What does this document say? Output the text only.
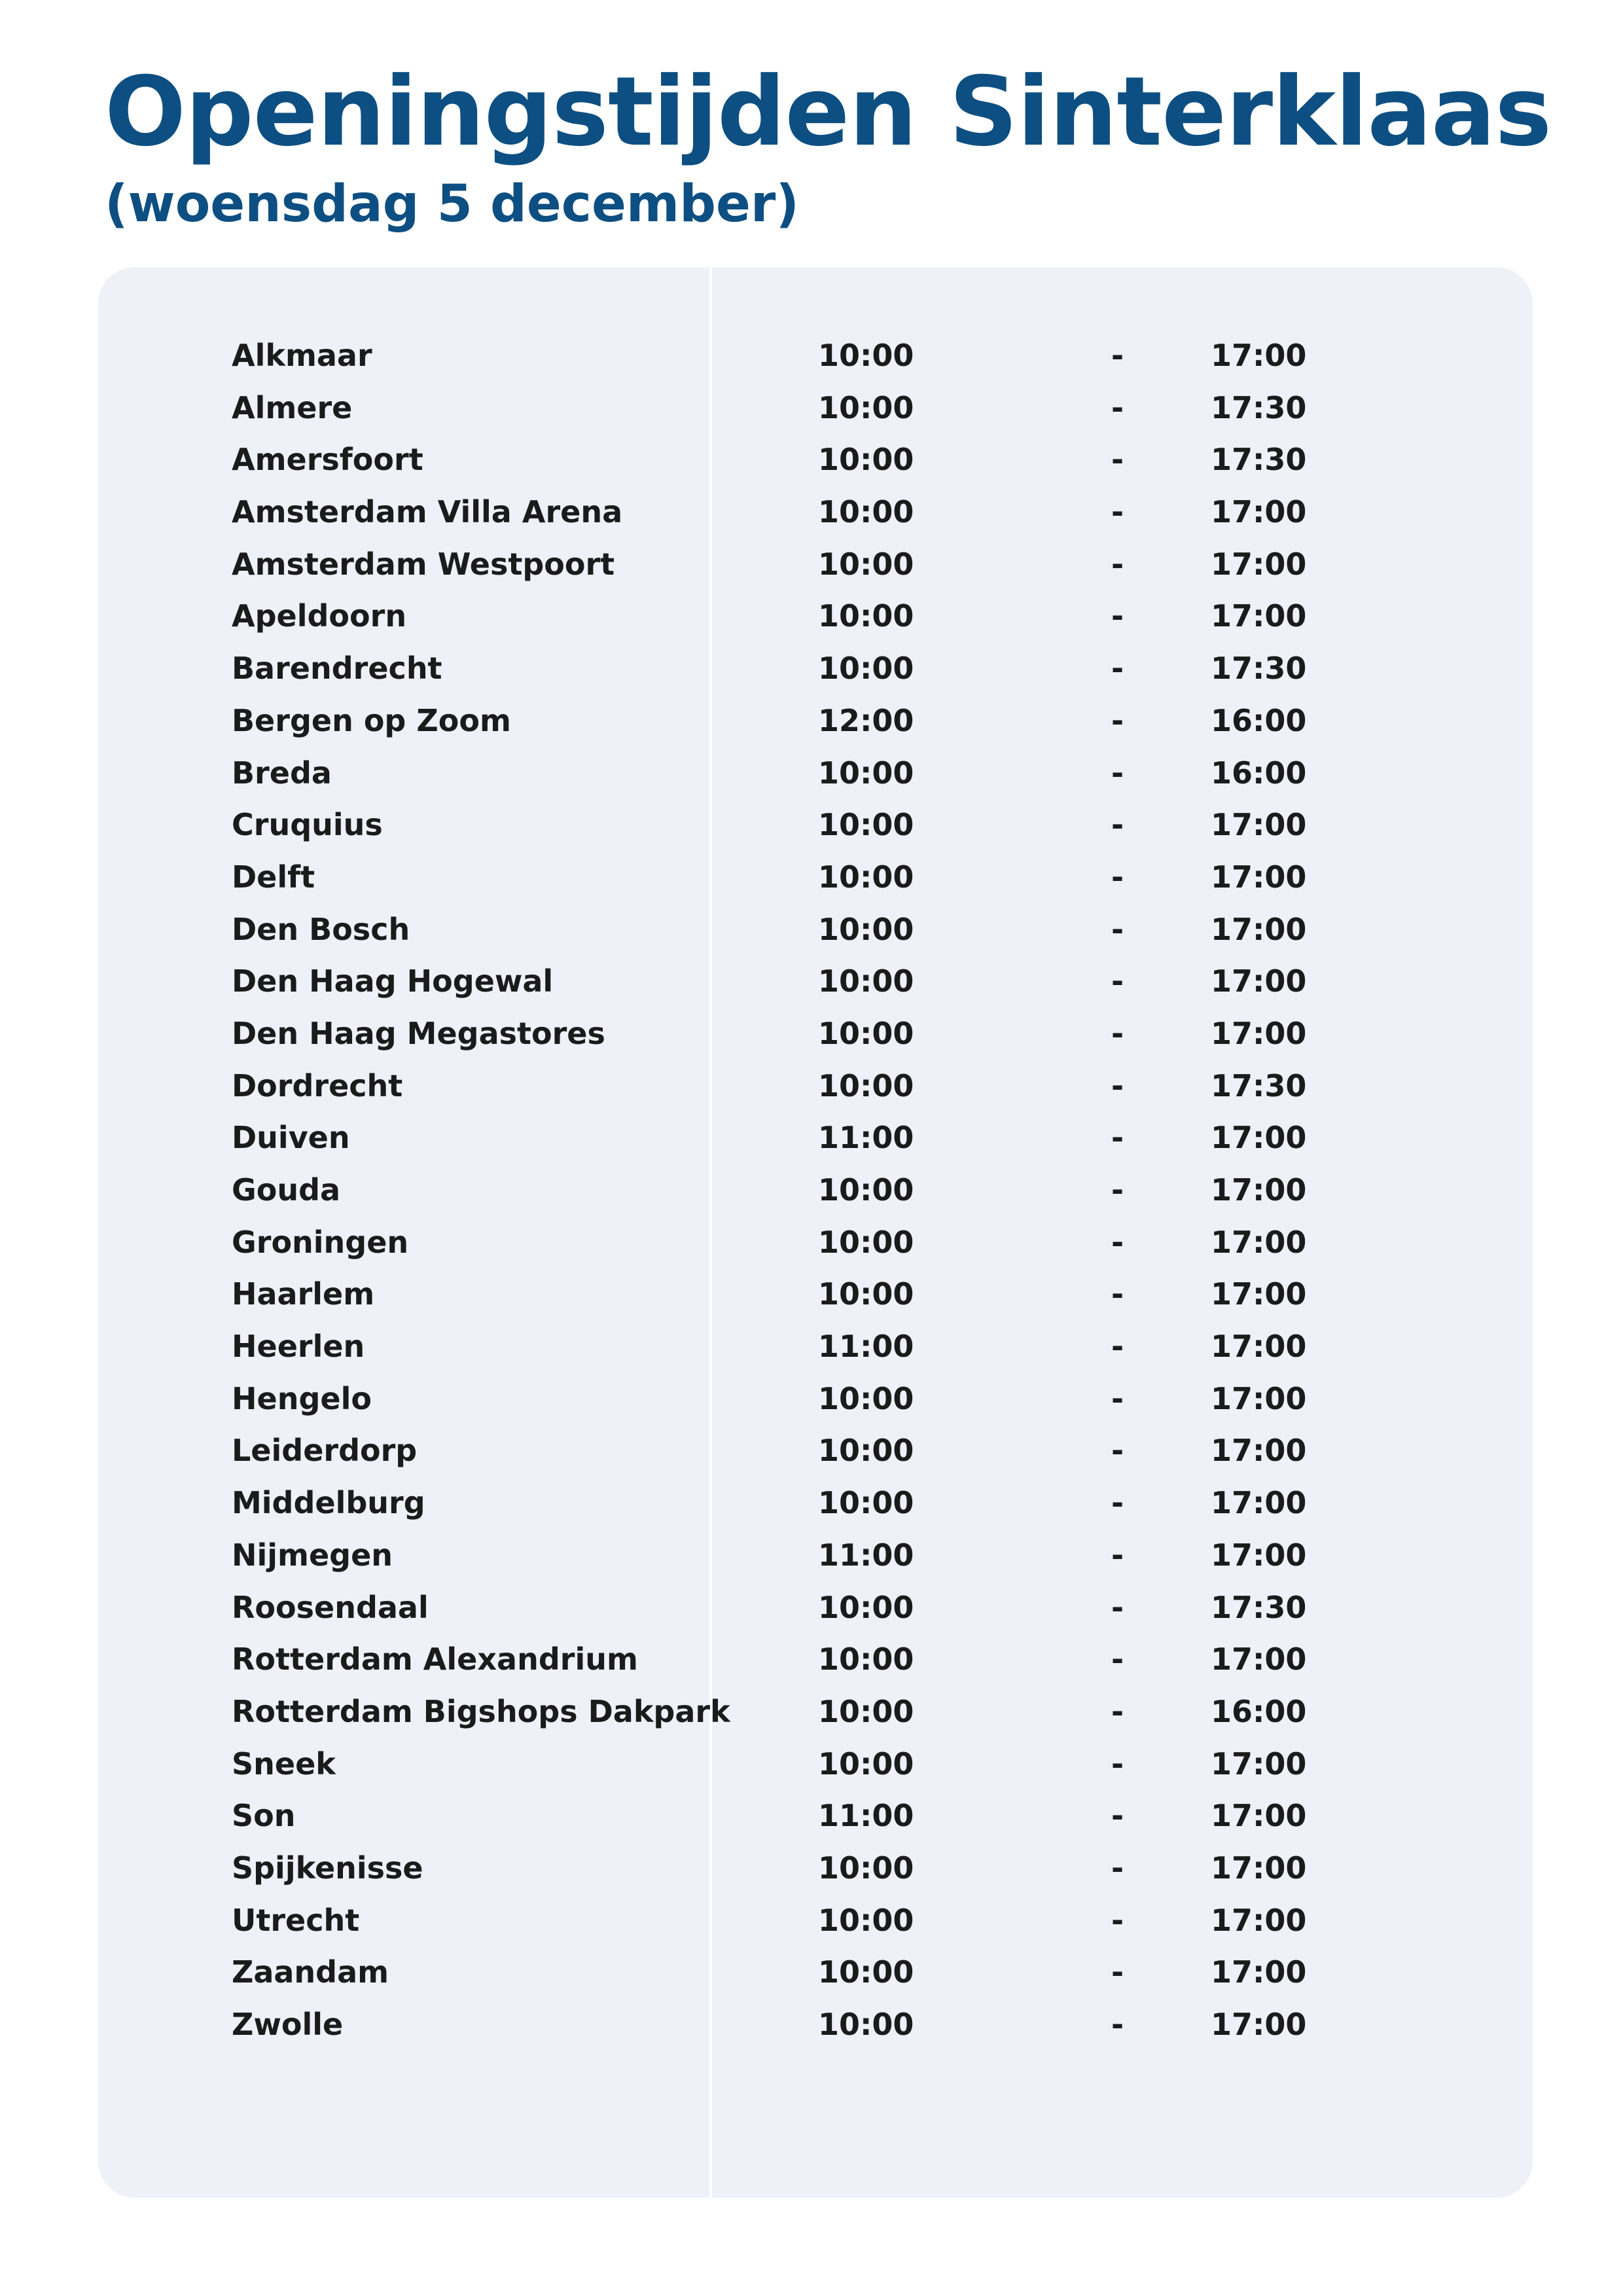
Openingstijden Sinterklaas
(woensdag 5 december)
Alkmaar	10:00	-	17:00
Almere	10:00	-	17:30
Amersfoort	10:00	-	17:30
Amsterdam Villa Arena	10:00	-	17:00
Amsterdam Westpoort	10:00	-	17:00
Apeldoorn	10:00	-	17:00
Barendrecht	10:00	-	17:30
Bergen op Zoom	12:00	-	16:00
Breda	10:00	-	16:00
Cruquius	10:00	-	17:00
Delft	10:00	-	17:00
Den Bosch	10:00	-	17:00
Den Haag Hogewal	10:00	-	17:00
Den Haag Megastores	10:00	-	17:00
Dordrecht	10:00	-	17:30
Duiven	11:00	-	17:00
Gouda	10:00	-	17:00
Groningen	10:00	-	17:00
Haarlem	10:00	-	17:00
Heerlen	11:00	-	17:00
Hengelo	10:00	-	17:00
Leiderdorp	10:00	-	17:00
Middelburg	10:00	-	17:00
Nijmegen	11:00	-	17:00
Roosendaal	10:00	-	17:30
Rotterdam Alexandrium	10:00	-	17:00
Rotterdam Bigshops Dakpark	10:00	-	16:00
Sneek	10:00	-	17:00
Son	11:00	-	17:00
Spijkenisse	10:00	-	17:00
Utrecht	10:00	-	17:00
Zaandam	10:00	-	17:00
Zwolle	10:00	-	17:00
